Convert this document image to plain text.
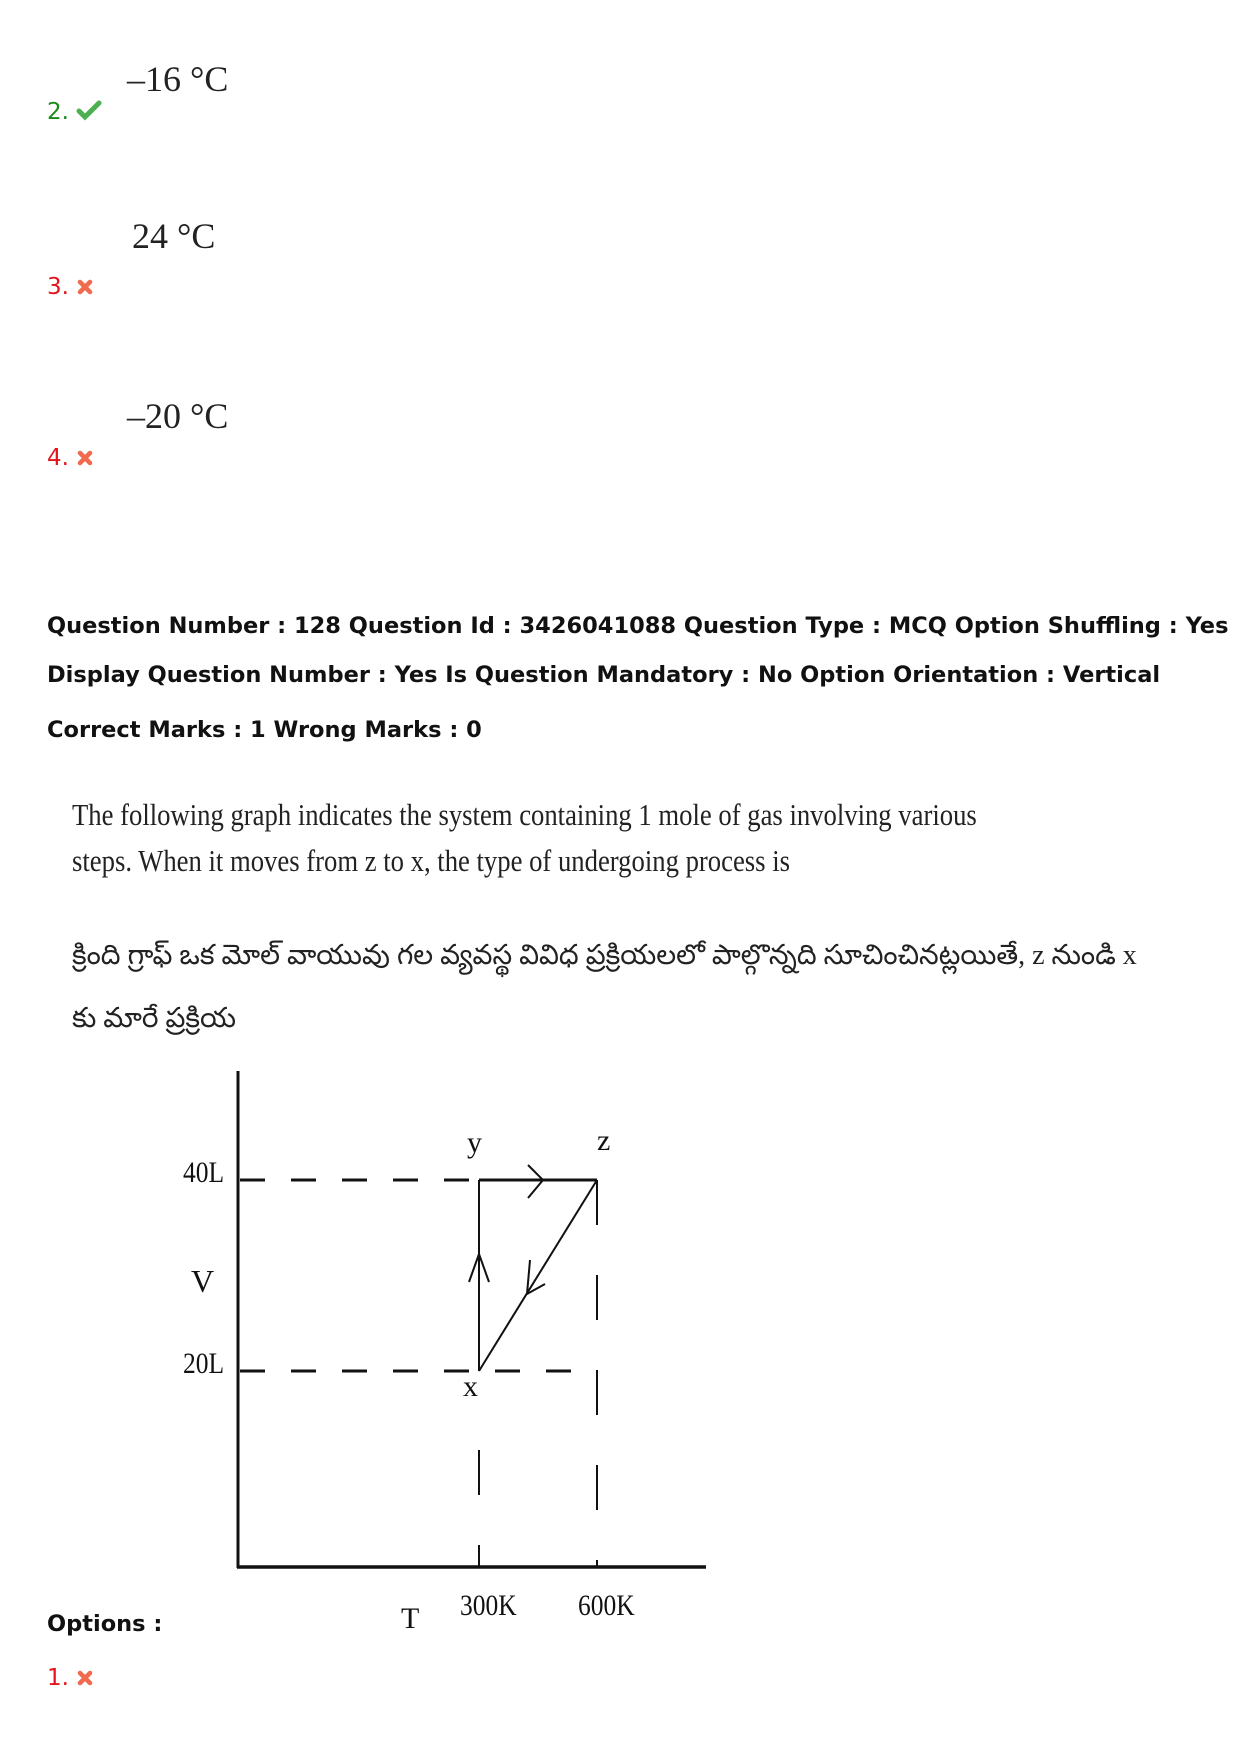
–16 °C
2.
24 °C
3.
–20 °C
4.
Question Number : 128 Question Id : 3426041088 Question Type : MCQ Option Shuffling : Yes
Display Question Number : Yes Is Question Mandatory : No Option Orientation : Vertical
Correct Marks : 1 Wrong Marks : 0
The following graph indicates the system containing 1 mole of gas involving various
steps. When it moves from z to x, the type of undergoing process is
క్రింది గ్రాఫ్ ఒక మోల్ వాయువు గల వ్యవస్థ వివిధ ప్రక్రియలలో పాల్గొన్నది సూచించినట్లయితే, z నుండి x
కు మారే ప్రక్రియ
40L
20L
V
T 300K 600K
y	z
x
Options :
1.
